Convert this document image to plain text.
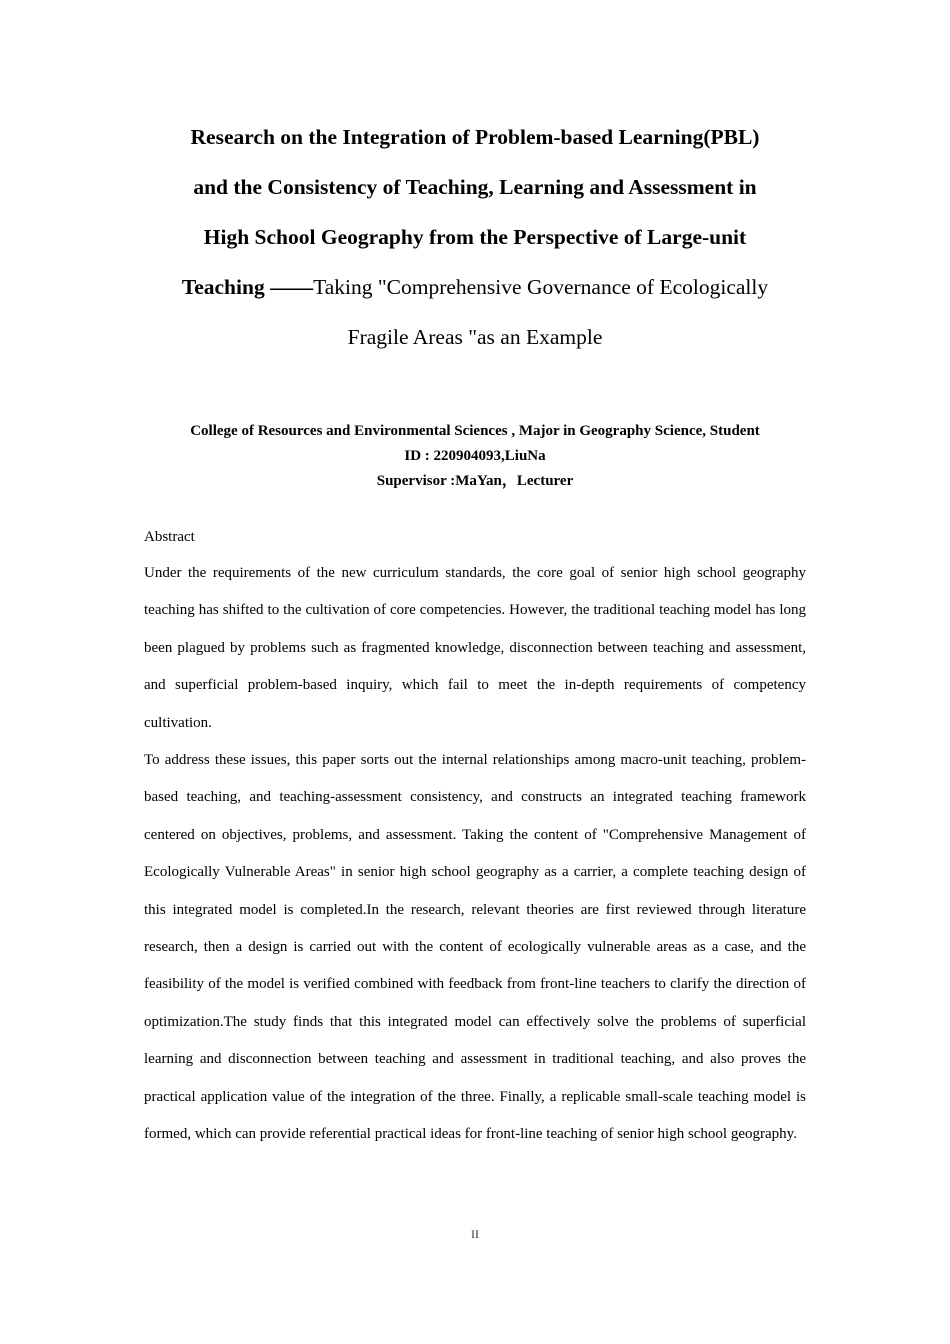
Research on the Integration of Problem-based Learning(PBL)
and the Consistency of Teaching, Learning and Assessment in
High School Geography from the Perspective of Large-unit
Teaching ——Taking "Comprehensive Governance of Ecologically
Fragile Areas "as an Example
College of Resources and Environmental Sciences , Major in Geography Science, Student
ID : 220904093,LiuNa
Supervisor :MaYan，Lecturer
Abstract

Under the requirements of the new curriculum standards, the core goal of senior high school geography teaching has shifted to the cultivation of core competencies. However, the traditional teaching model has long been plagued by problems such as fragmented knowledge, disconnection between teaching and assessment, and superficial problem-based inquiry, which fail to meet the in-depth requirements of competency cultivation.

To address these issues, this paper sorts out the internal relationships among macro-unit teaching, problem-based teaching, and teaching-assessment consistency, and constructs an integrated teaching framework centered on objectives, problems, and assessment. Taking the content of "Comprehensive Management of Ecologically Vulnerable Areas" in senior high school geography as a carrier, a complete teaching design of this integrated model is completed.In the research, relevant theories are first reviewed through literature research, then a design is carried out with the content of ecologically vulnerable areas as a case, and the feasibility of the model is verified combined with feedback from front-line teachers to clarify the direction of optimization.The study finds that this integrated model can effectively solve the problems of superficial learning and disconnection between teaching and assessment in traditional teaching, and also proves the practical application value of the integration of the three. Finally, a replicable small-scale teaching model is formed, which can provide referential practical ideas for front-line teaching of senior high school geography.

II
